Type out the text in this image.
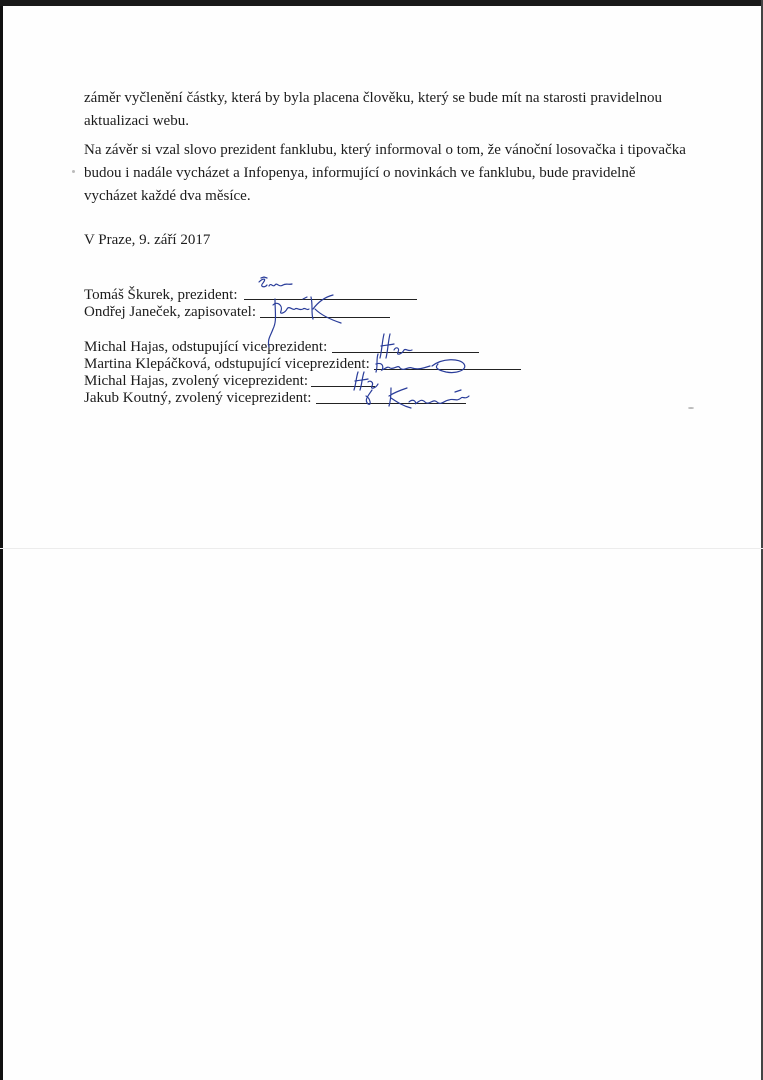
záměr vyčlenění částky, která by byla placena člověku, který se bude mít na starosti pravidelnou
aktualizaci webu.
Na závěr si vzal slovo prezident fanklubu, který informoval o tom, že vánoční losovačka i tipovačka
budou i nadále vycházet a Infopenya, informující o novinkách ve fanklubu, bude pravidelně
vycházet každé dva měsíce.
V Praze, 9. září 2017
Tomáš Škurek, prezident:
Ondřej Janeček, zapisovatel:
Michal Hajas, odstupující viceprezident:
Martina Klepáčková, odstupující viceprezident:
Michal Hajas, zvolený viceprezident:
Jakub Koutný, zvolený viceprezident:
